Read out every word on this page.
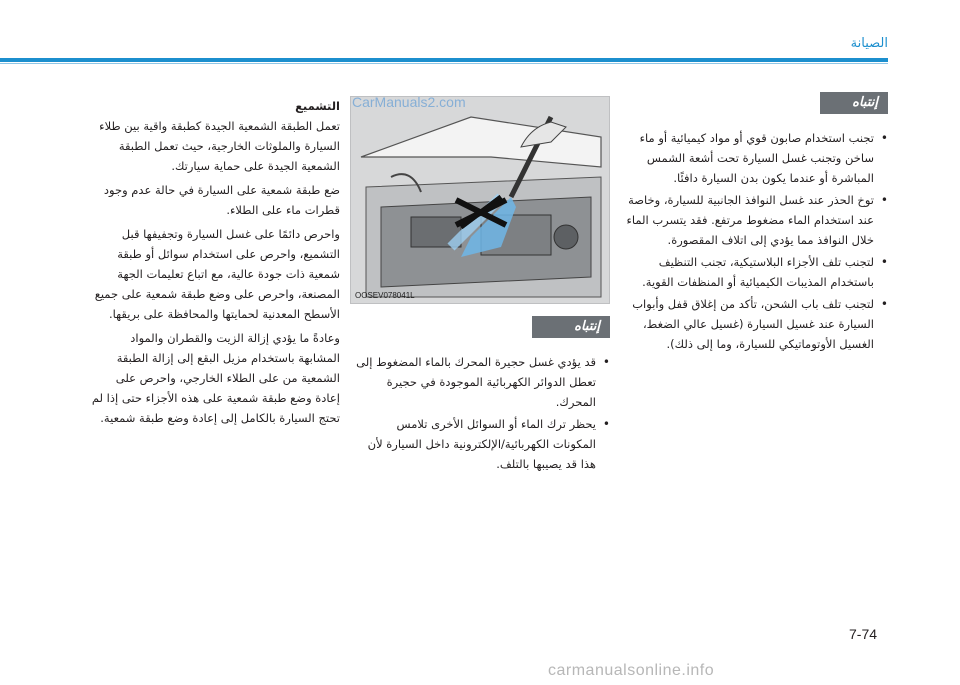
الصيانة
إنتباه
• تجنب استخدام صابون قوي أو مواد كيميائية أو ماء ساخن وتجنب غسل السيارة تحت أشعة الشمس المباشرة أو عندما يكون بدن السيارة دافئًا.
• توخ الحذر عند غسل النوافذ الجانبية للسيارة، وخاصة عند استخدام الماء مضغوط مرتفع. فقد يتسرب الماء خلال النوافذ مما يؤدي إلى اتلاف المقصورة.
• لتجنب تلف الأجزاء البلاستيكية، تجنب التنظيف باستخدام المذيبات الكيميائية أو المنظفات القوية.
• لتجنب تلف باب الشحن، تأكد من إغلاق قفل وأبواب السيارة عند غسيل السيارة (غسيل عالي الضغط، الغسيل الأوتوماتيكي للسيارة، وما إلى ذلك).
OOSEV078041L
CarManuals2.com
إنتباه
• قد يؤدي غسل حجيرة المحرك بالماء المضغوط إلى تعطل الدوائر الكهربائية الموجودة في حجيرة المحرك.
• يحظر ترك الماء أو السوائل الأخرى تلامس المكونات الكهربائية/الإلكترونية داخل السيارة لأن هذا قد يصيبها بالتلف.
التشميع

تعمل الطبقة الشمعية الجيدة كطبقة واقية بين طلاء السيارة والملوثات الخارجية، حيث تعمل الطبقة الشمعية الجيدة على حماية سيارتك.

ضع طبقة شمعية على السيارة في حالة عدم وجود قطرات ماء على الطلاء.

واحرص دائمًا على غسل السيارة وتجفيفها قبل التشميع، واحرص على استخدام سوائل أو طبقة شمعية ذات جودة عالية، مع اتباع تعليمات الجهة المصنعة، واحرص على وضع طبقة شمعية على جميع الأسطح المعدنية لحمايتها والمحافظة على بريقها.

وعادةً ما يؤدي إزالة الزيت والقطران والمواد المشابهة باستخدام مزيل البقع إلى إزالة الطبقة الشمعية من على الطلاء الخارجي، واحرص على إعادة وضع طبقة شمعية على هذه الأجزاء حتى إذا لم تحتج السيارة بالكامل إلى إعادة وضع طبقة شمعية.

7-74
carmanualsonline.info
